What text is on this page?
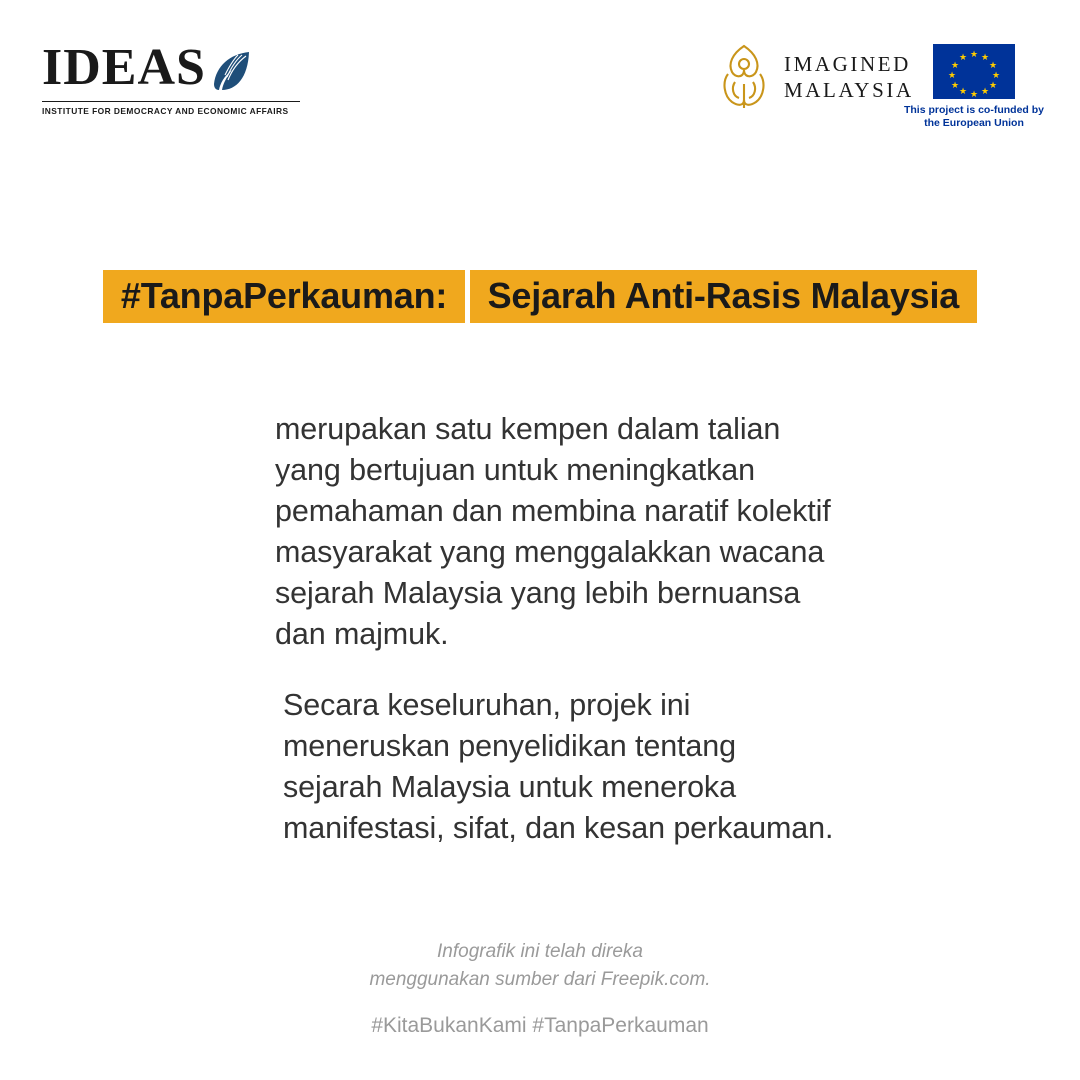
IDEAS
INSTITUTE FOR DEMOCRACY AND ECONOMIC AFFAIRS
IMAGINED
MALAYSIA
★ ★
★
★
★
★
★
★
★
★
★
★
This project is co-funded by
the European Union
#TanpaPerkauman: Sejarah Anti-Rasis Malaysia

merupakan satu kempen dalam talian yang bertujuan untuk meningkatkan pemahaman dan membina naratif kolektif masyarakat yang menggalakkan wacana sejarah Malaysia yang lebih bernuansa dan majmuk.

Secara keseluruhan, projek ini meneruskan penyelidikan tentang sejarah Malaysia untuk meneroka manifestasi, sifat, dan kesan perkauman.

Infografik ini telah direka
menggunakan sumber dari Freepik.com.
#KitaBukanKami #TanpaPerkauman
